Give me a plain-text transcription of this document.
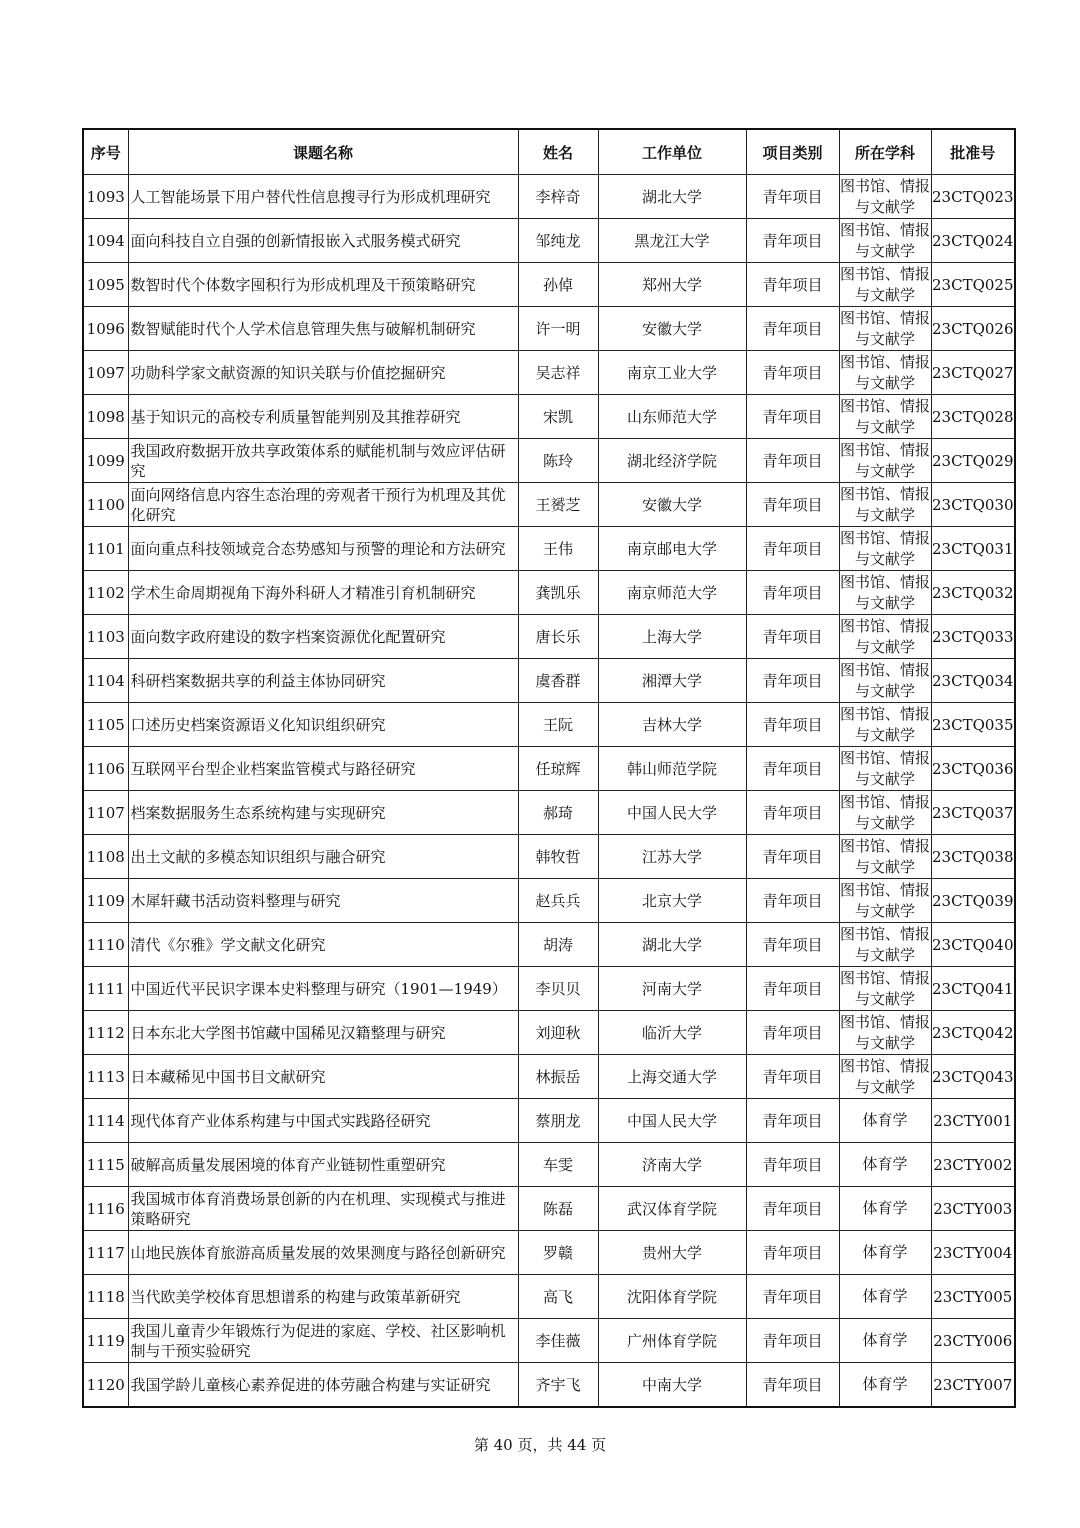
序号	课题名称	姓名	工作单位	项目类别	所在学科	批准号
1093	人工智能场景下用户替代性信息搜寻行为形成机理研究	李梓奇	湖北大学	青年项目	图书馆、情报与文献学	23CTQ023
1094	面向科技自立自强的创新情报嵌入式服务模式研究	邹纯龙	黑龙江大学	青年项目	图书馆、情报与文献学	23CTQ024
1095	数智时代个体数字囤积行为形成机理及干预策略研究	孙倬	郑州大学	青年项目	图书馆、情报与文献学	23CTQ025
1096	数智赋能时代个人学术信息管理失焦与破解机制研究	许一明	安徽大学	青年项目	图书馆、情报与文献学	23CTQ026
1097	功勋科学家文献资源的知识关联与价值挖掘研究	吴志祥	南京工业大学	青年项目	图书馆、情报与文献学	23CTQ027
1098	基于知识元的高校专利质量智能判别及其推荐研究	宋凯	山东师范大学	青年项目	图书馆、情报与文献学	23CTQ028
1099	我国政府数据开放共享政策体系的赋能机制与效应评估研究	陈玲	湖北经济学院	青年项目	图书馆、情报与文献学	23CTQ029
1100	面向网络信息内容生态治理的旁观者干预行为机理及其优化研究	王赟芝	安徽大学	青年项目	图书馆、情报与文献学	23CTQ030
1101	面向重点科技领域竞合态势感知与预警的理论和方法研究	王伟	南京邮电大学	青年项目	图书馆、情报与文献学	23CTQ031
1102	学术生命周期视角下海外科研人才精准引育机制研究	龚凯乐	南京师范大学	青年项目	图书馆、情报与文献学	23CTQ032
1103	面向数字政府建设的数字档案资源优化配置研究	唐长乐	上海大学	青年项目	图书馆、情报与文献学	23CTQ033
1104	科研档案数据共享的利益主体协同研究	虞香群	湘潭大学	青年项目	图书馆、情报与文献学	23CTQ034
1105	口述历史档案资源语义化知识组织研究	王阮	吉林大学	青年项目	图书馆、情报与文献学	23CTQ035
1106	互联网平台型企业档案监管模式与路径研究	任琼辉	韩山师范学院	青年项目	图书馆、情报与文献学	23CTQ036
1107	档案数据服务生态系统构建与实现研究	郝琦	中国人民大学	青年项目	图书馆、情报与文献学	23CTQ037
1108	出土文献的多模态知识组织与融合研究	韩牧哲	江苏大学	青年项目	图书馆、情报与文献学	23CTQ038
1109	木犀轩藏书活动资料整理与研究	赵兵兵	北京大学	青年项目	图书馆、情报与文献学	23CTQ039
1110	清代《尔雅》学文献文化研究	胡涛	湖北大学	青年项目	图书馆、情报与文献学	23CTQ040
1111	中国近代平民识字课本史料整理与研究（1901—1949）	李贝贝	河南大学	青年项目	图书馆、情报与文献学	23CTQ041
1112	日本东北大学图书馆藏中国稀见汉籍整理与研究	刘迎秋	临沂大学	青年项目	图书馆、情报与文献学	23CTQ042
1113	日本藏稀见中国书目文献研究	林振岳	上海交通大学	青年项目	图书馆、情报与文献学	23CTQ043
1114	现代体育产业体系构建与中国式实践路径研究	蔡朋龙	中国人民大学	青年项目	体育学	23CTY001
1115	破解高质量发展困境的体育产业链韧性重塑研究	车雯	济南大学	青年项目	体育学	23CTY002
1116	我国城市体育消费场景创新的内在机理、实现模式与推进策略研究	陈磊	武汉体育学院	青年项目	体育学	23CTY003
1117	山地民族体育旅游高质量发展的效果测度与路径创新研究	罗赣	贵州大学	青年项目	体育学	23CTY004
1118	当代欧美学校体育思想谱系的构建与政策革新研究	高飞	沈阳体育学院	青年项目	体育学	23CTY005
1119	我国儿童青少年锻炼行为促进的家庭、学校、社区影响机制与干预实验研究	李佳薇	广州体育学院	青年项目	体育学	23CTY006
1120	我国学龄儿童核心素养促进的体劳融合构建与实证研究	齐宇飞	中南大学	青年项目	体育学	23CTY007
第 40 页，共 44 页
